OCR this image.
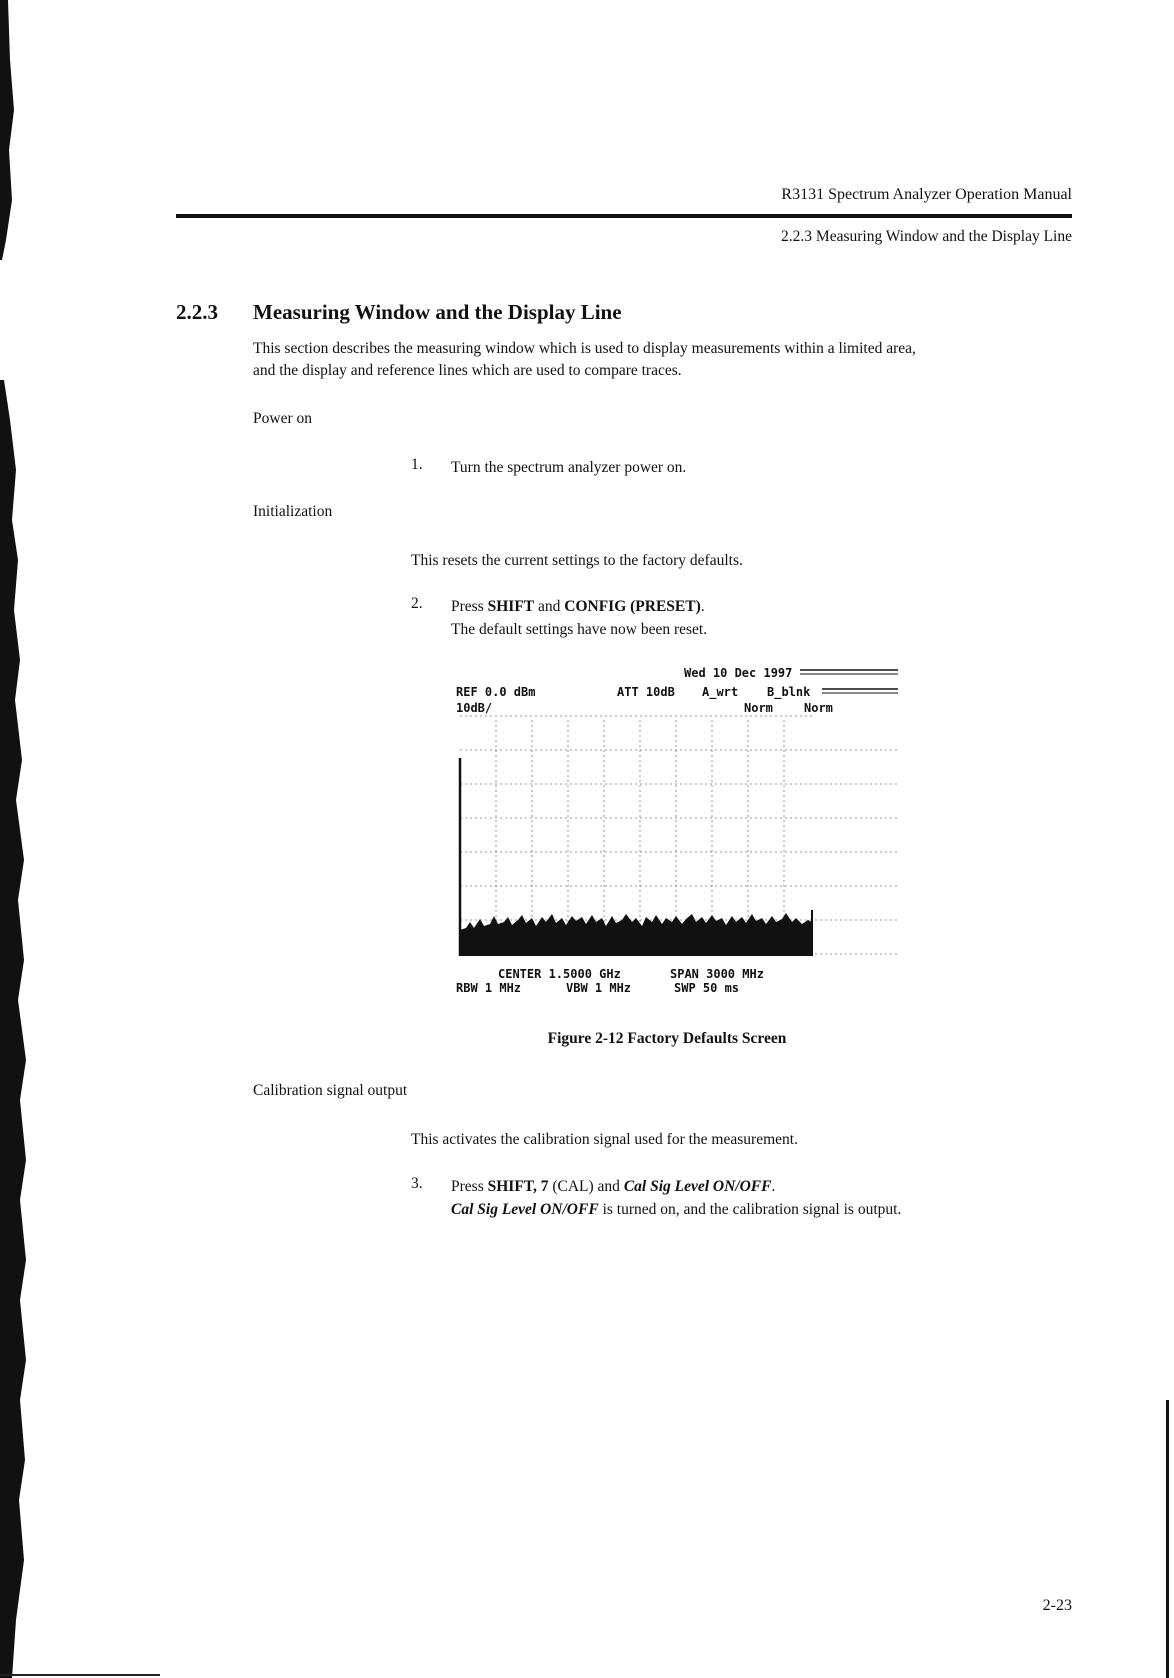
R3131 Spectrum Analyzer Operation Manual
2.2.3 Measuring Window and the Display Line
2.2.3 Measuring Window and the Display Line
This section describes the measuring window which is used to display measurements within a limited area,
and the display and reference lines which are used to compare traces.
Power on
1. Turn the spectrum analyzer power on.
Initialization
This resets the current settings to the factory defaults.
2. Press SHIFT and CONFIG (PRESET).
The default settings have now been reset.
Wed 10 Dec 1997
REF 0.0 dBm	ATT 10dB A_wrt B_blnk
10dB/	Norm	Norm
CENTER 1.5000 GHz	SPAN 3000 MHz
RBW 1 MHz	VBW 1 MHz	SWP 50 ms
Figure 2-12 Factory Defaults Screen
Calibration signal output
This activates the calibration signal used for the measurement.
3. Press SHIFT, 7 (CAL) and Cal Sig Level ON/OFF.
Cal Sig Level ON/OFF is turned on, and the calibration signal is output.
2-23
